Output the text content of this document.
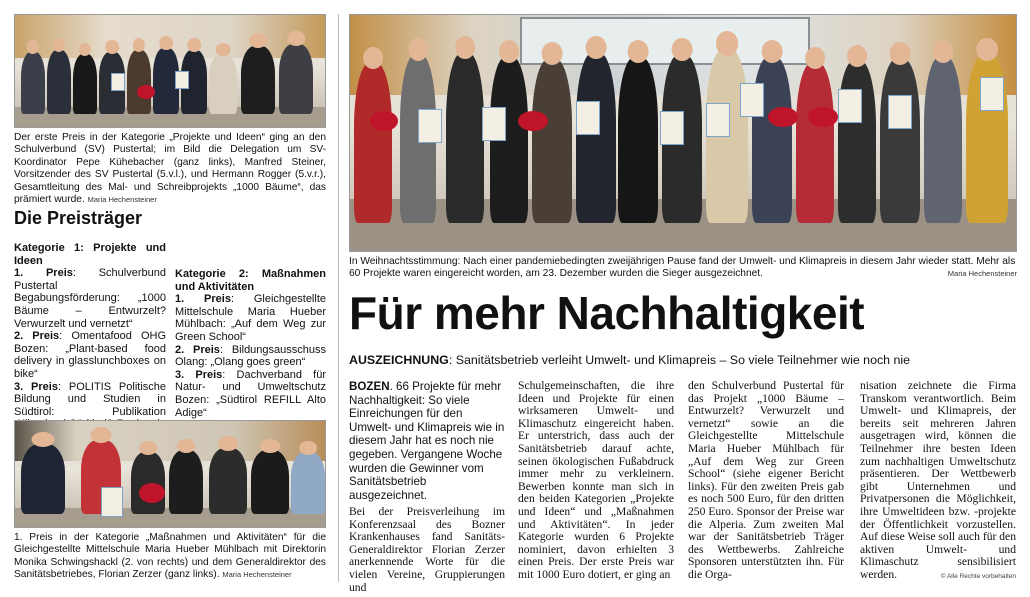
Der erste Preis in der Kategorie „Projekte und Ideen“ ging an den Schulverbund (SV) Pustertal; im Bild die Delegation um SV-Koordinator Pepe Kühebacher (ganz links), Manfred Steiner, Vorsitzender des SV Pustertal (5.v.l.), und Hermann Rogger (5.v.r.), Gesamtleitung des Mal- und Schreibprojekts „1000 Bäume“, das prämiert wurde. Maria Hechensteiner
Die Preisträger
Kategorie 1: Projekte und Ideen
1. Preis: Schulverbund Pustertal Begabungsförderung: „1000 Bäume – Entwurzelt? Verwurzelt und vernetzt“
2. Preis: Omentafood OHG Bozen: „Plant-based food delivery in glasslunchboxes on bike“
3. Preis: POLITIS Politische Bildung und Studien in Südtirol: Publikation
Kategorie 2: Maßnahmen und Aktivitäten
1. Preis: Gleichgestellte Mittelschule Maria Hueber Mühlbach: „Auf dem Weg zur Green School“
2. Preis: Bildungsausschuss Olang: „Olang goes green“
3. Preis: Dachverband für Natur- und Umweltschutz Bozen: „Südtirol REFILL Alto Adige“
1. Preis in der Kategorie „Maßnahmen und Aktivitäten“ für die Gleichgestellte Mittelschule Maria Hueber Mühlbach mit Direktorin Monika Schwingshackl (2. von rechts) und dem Generaldirektor des Sanitätsbetriebes, Florian Zerzer (ganz links). Maria Hechensteiner
In Weihnachtsstimmung: Nach einer pandemiebedingten zweijährigen Pause fand der Umwelt- und Klimapreis in diesem Jahr wieder statt. Mehr als 60 Projekte waren eingereicht worden, am 23. Dezember wurden die Sieger ausgezeichnet.	Maria Hechensteiner
Für mehr Nachhaltigkeit
AUSZEICHNUNG: Sanitätsbetrieb verleiht Umwelt- und Klimapreis – So viele Teilnehmer wie noch nie
BOZEN. 66 Projekte für mehr Nachhaltigkeit: So viele Einreichungen für den Umwelt- und Klimapreis wie in diesem Jahr hat es noch nie gegeben. Vergangene Woche wurden die Gewinner vom Sanitätsbetrieb ausgezeichnet.
Bei der Preisverleihung im Konferenzsaal des Bozner Krankenhauses fand Sanitäts-Generaldirektor Florian Zerzer anerkennende Worte für die vielen Vereine, Gruppierungen und
Schulgemeinschaften, die ihre Ideen und Projekte für einen wirksameren Umwelt- und Klimaschutz eingereicht haben. Er unterstrich, dass auch der Sanitätsbetrieb darauf achte, seinen ökologischen Fußabdruck immer mehr zu verkleinern. Bewerben konnte man sich in den beiden Kategorien „Projekte und Ideen“ und „Maßnahmen und Aktivitäten“. In jeder Kategorie wurden 6 Projekte nominiert, davon erhielten 3 einen Preis. Der erste Preis war mit 1000 Euro dotiert, er ging an
den Schulverbund Pustertal für das Projekt „1000 Bäume – Entwurzelt? Verwurzelt und vernetzt“ sowie an die Gleichgestellte Mittelschule Maria Hueber Mühlbach für „Auf dem Weg zur Green School“ (siehe eigener Bericht links). Für den zweiten Preis gab es noch 500 Euro, für den dritten 250 Euro. Sponsor der Preise war die Alperia. Zum zweiten Mal war der Sanitätsbetrieb Träger des Wettbewerbs. Zahlreiche Sponsoren unterstützten ihn. Für die Orga-
nisation zeichnete die Firma Transkom verantwortlich. Beim Umwelt- und Klimapreis, der bereits seit mehreren Jahren ausgetragen wird, können die Teilnehmer ihre besten Ideen zum nachhaltigen Umweltschutz präsentieren. Der Wettbewerb gibt Unternehmen und Privatpersonen die Möglichkeit, ihre Umweltideen bzw. -projekte der Öffentlichkeit vorzustellen. Auf diese Weise soll auch für den aktiven Umwelt- und Klimaschutz sensibilisiert werden.	© Alle Rechte vorbehalten
